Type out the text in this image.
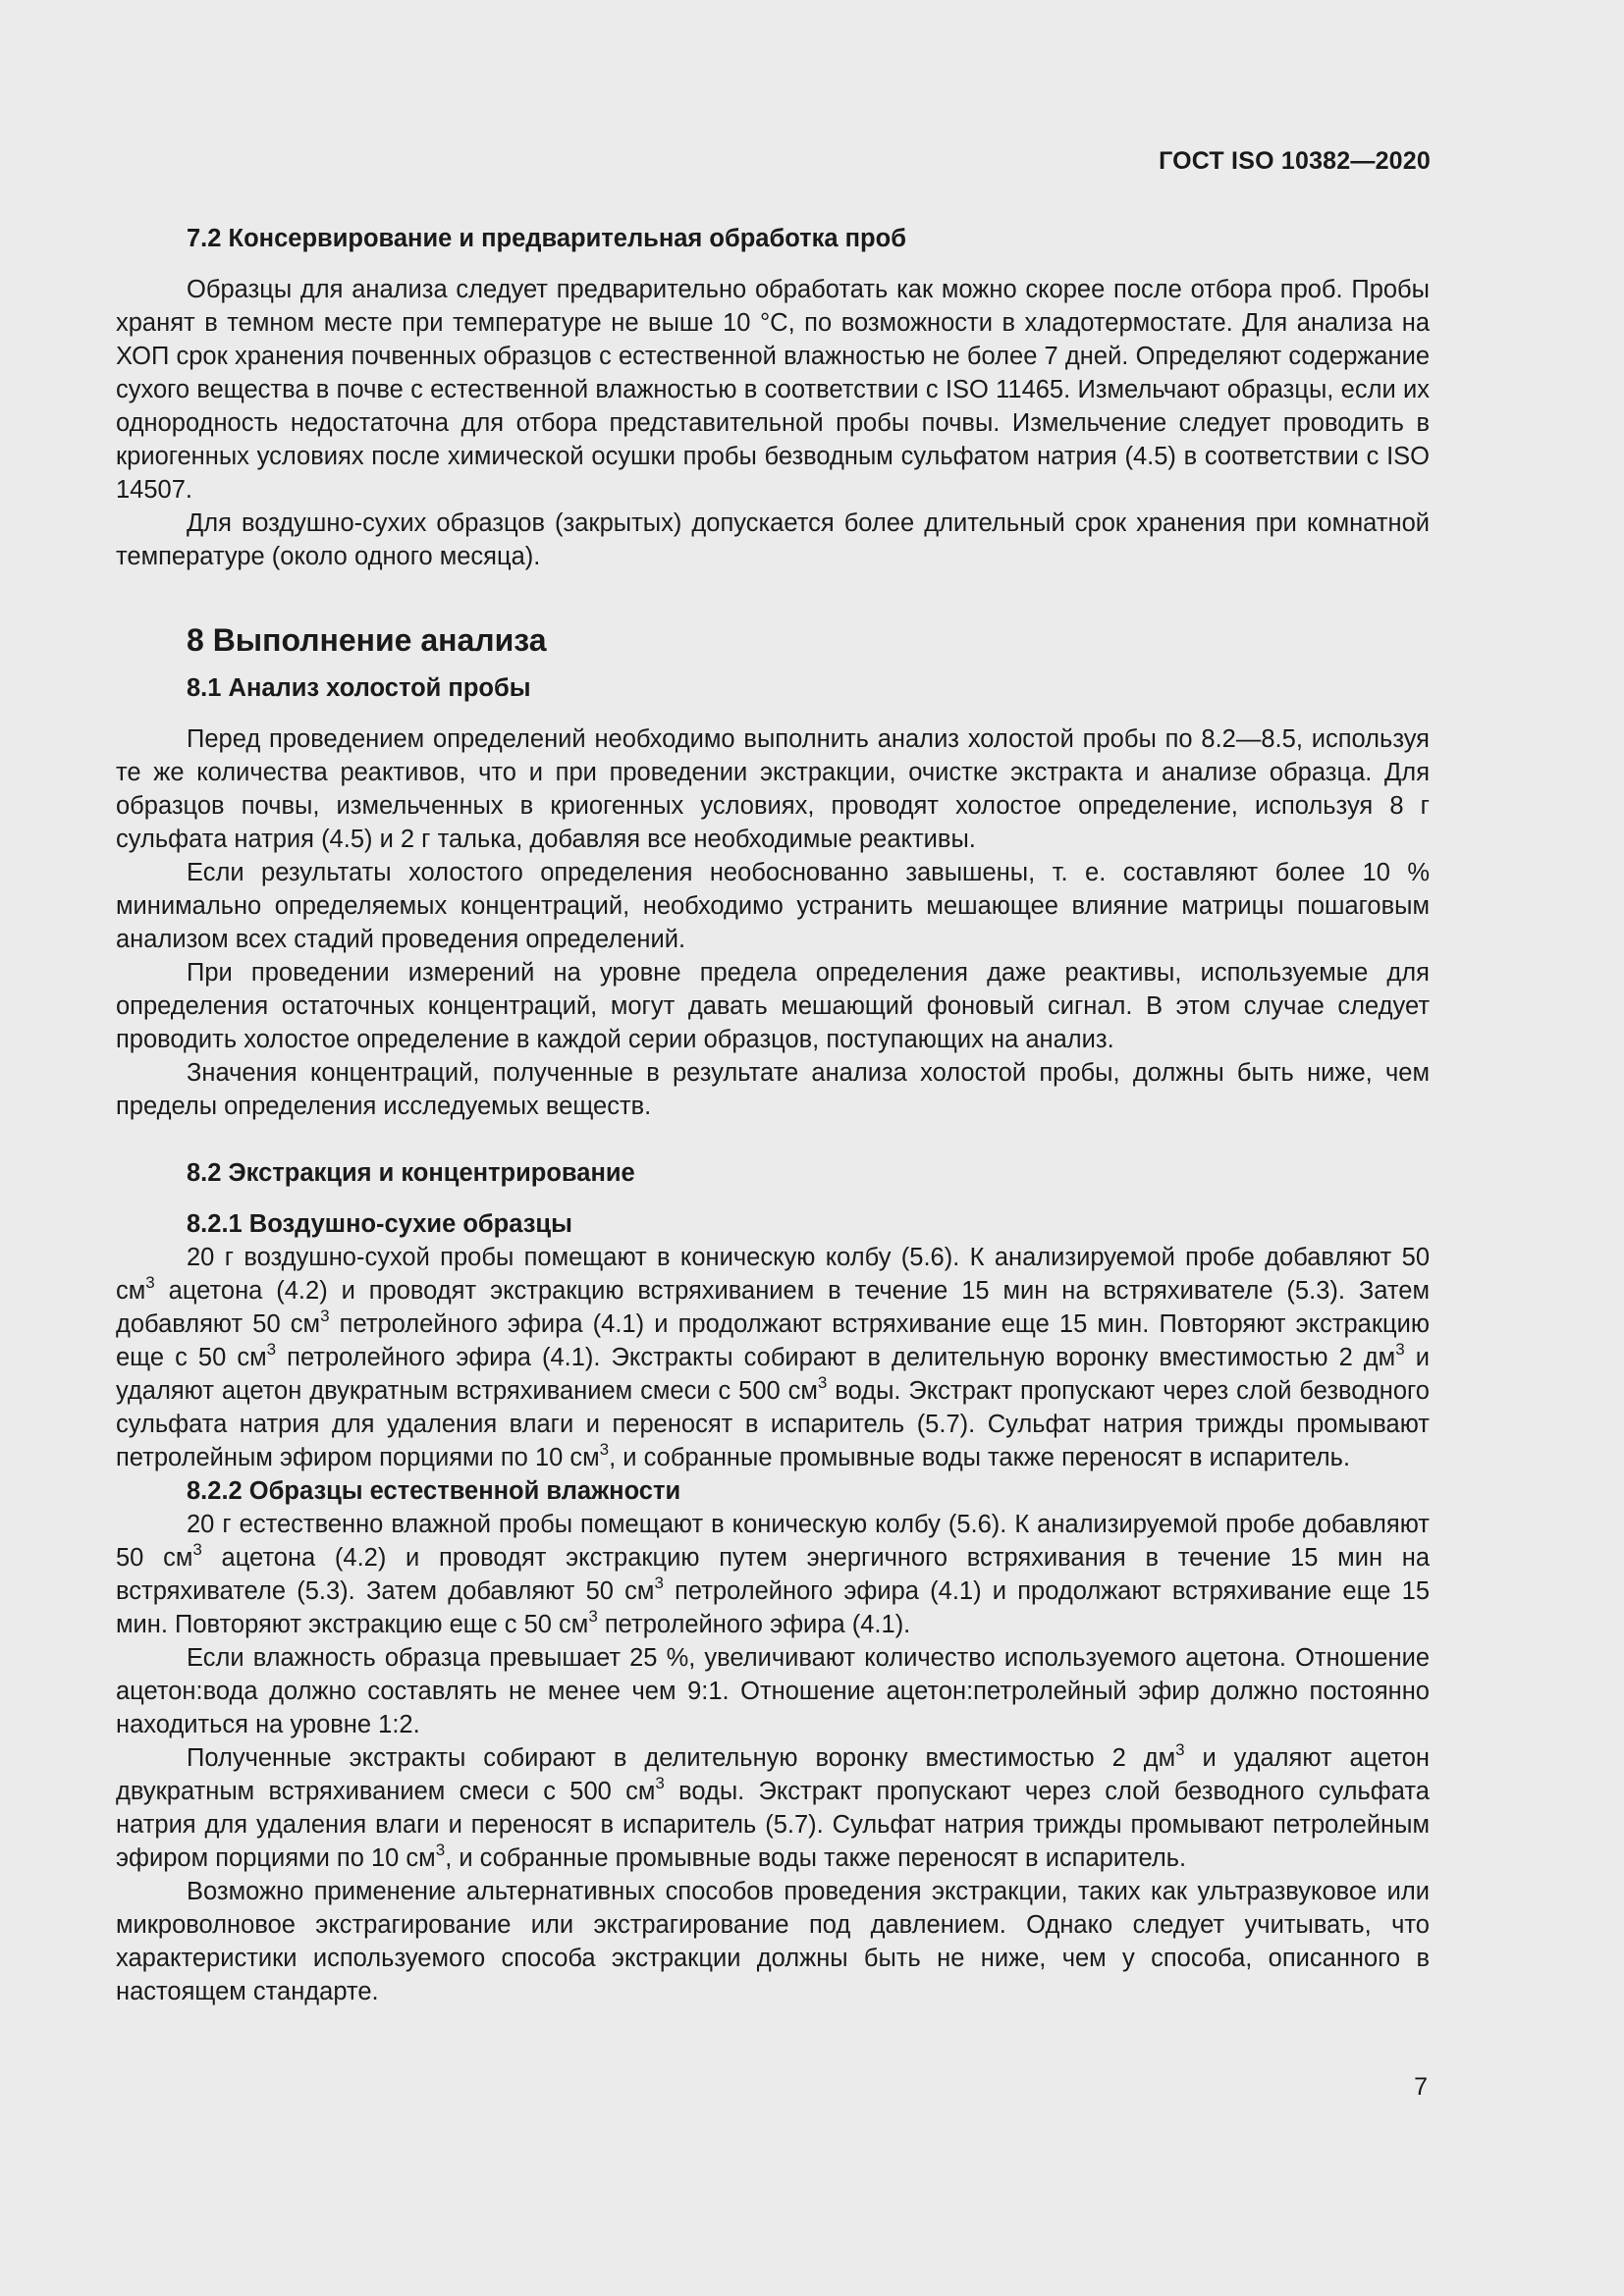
ГОСТ ISO 10382—2020
7.2 Консервирование и предварительная обработка проб

Образцы для анализа следует предварительно обработать как можно скорее после отбора проб. Пробы хранят в темном месте при температуре не выше 10 °C, по возможности в хладотермостате. Для анализа на ХОП срок хранения почвенных образцов с естественной влажностью не более 7 дней. Определяют содержание сухого вещества в почве с естественной влажностью в соответствии с ISO 11465. Измельчают образцы, если их однородность недостаточна для отбора представительной пробы почвы. Измельчение следует проводить в криогенных условиях после химической осушки пробы безводным сульфатом натрия (4.5) в соответствии с ISO 14507.

Для воздушно-сухих образцов (закрытых) допускается более длительный срок хранения при комнатной температуре (около одного месяца).

8 Выполнение анализа
8.1 Анализ холостой пробы

Перед проведением определений необходимо выполнить анализ холостой пробы по 8.2—8.5, используя те же количества реактивов, что и при проведении экстракции, очистке экстракта и анализе образца. Для образцов почвы, измельченных в криогенных условиях, проводят холостое определение, используя 8 г сульфата натрия (4.5) и 2 г талька, добавляя все необходимые реактивы.

Если результаты холостого определения необоснованно завышены, т. е. составляют более 10 % минимально определяемых концентраций, необходимо устранить мешающее влияние матрицы пошаговым анализом всех стадий проведения определений.

При проведении измерений на уровне предела определения даже реактивы, используемые для определения остаточных концентраций, могут давать мешающий фоновый сигнал. В этом случае следует проводить холостое определение в каждой серии образцов, поступающих на анализ.

Значения концентраций, полученные в результате анализа холостой пробы, должны быть ниже, чем пределы определения исследуемых веществ.

8.2 Экстракция и концентрирование
8.2.1 Воздушно-сухие образцы

20 г воздушно-сухой пробы помещают в коническую колбу (5.6). К анализируемой пробе добавляют 50 $см^3$ ацетона (4.2) и проводят экстракцию встряхиванием в течение 15 мин на встряхивателе (5.3). Затем добавляют 50 $см^3$ петролейного эфира (4.1) и продолжают встряхивание еще 15 мин. Повторяют экстракцию еще с 50 $см^3$ петролейного эфира (4.1). Экстракты собирают в делительную воронку вместимостью 2 $дм^3$ и удаляют ацетон двукратным встряхиванием смеси с 500 $см^3$ воды. Экстракт пропускают через слой безводного сульфата натрия для удаления влаги и переносят в испаритель (5.7). Сульфат натрия трижды промывают петролейным эфиром порциями по 10 $см^3$, и собранные промывные воды также переносят в испаритель.

8.2.2 Образцы естественной влажности

20 г естественно влажной пробы помещают в коническую колбу (5.6). К анализируемой пробе добавляют 50 $см^3$ ацетона (4.2) и проводят экстракцию путем энергичного встряхивания в течение 15 мин на встряхивателе (5.3). Затем добавляют 50 $см^3$ петролейного эфира (4.1) и продолжают встряхивание еще 15 мин. Повторяют экстракцию еще с 50 $см^3$ петролейного эфира (4.1).

Если влажность образца превышает 25 %, увеличивают количество используемого ацетона. Отношение ацетон:вода должно составлять не менее чем 9:1. Отношение ацетон:петролейный эфир должно постоянно находиться на уровне 1:2.

Полученные экстракты собирают в делительную воронку вместимостью 2 $дм^3$ и удаляют ацетон двукратным встряхиванием смеси с 500 $см^3$ воды. Экстракт пропускают через слой безводного сульфата натрия для удаления влаги и переносят в испаритель (5.7). Сульфат натрия трижды промывают петролейным эфиром порциями по 10 $см^3$, и собранные промывные воды также переносят в испаритель.

Возможно применение альтернативных способов проведения экстракции, таких как ультразвуковое или микроволновое экстрагирование или экстрагирование под давлением. Однако следует учитывать, что характеристики используемого способа экстракции должны быть не ниже, чем у способа, описанного в настоящем стандарте.

7
